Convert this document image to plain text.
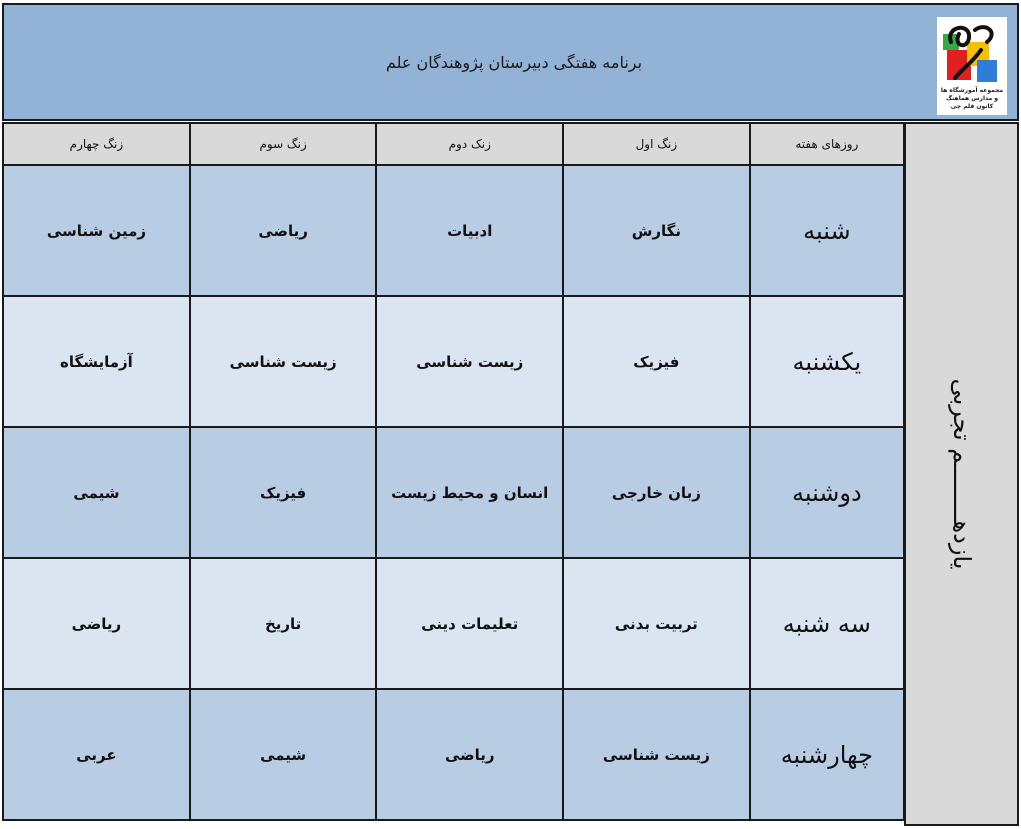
برنامه هفتگی دبیرستان پژوهندگان علم
مجموعه آموزشگاه ها و مدارس هماهنگ کانون قلم چی
روزهای هفته	زنگ اول	زنک دوم	زنگ سوم	زنگ چهارم
شنبه	نگارش	ادبیات	ریاضی	زمین شناسی
یکشنبه	فیزیک	زیست شناسی	زیست شناسی	آزمایشگاه
دوشنبه	زبان خارجی	انسان و محیط زیست	فیزیک	شیمی
سه شنبه	تربیت بدنی	تعلیمات دینی	تاریخ	ریاضی
چهارشنبه	زیست شناسی	ریاضی	شیمی	عربی
یازدهــــــــم تجربی
